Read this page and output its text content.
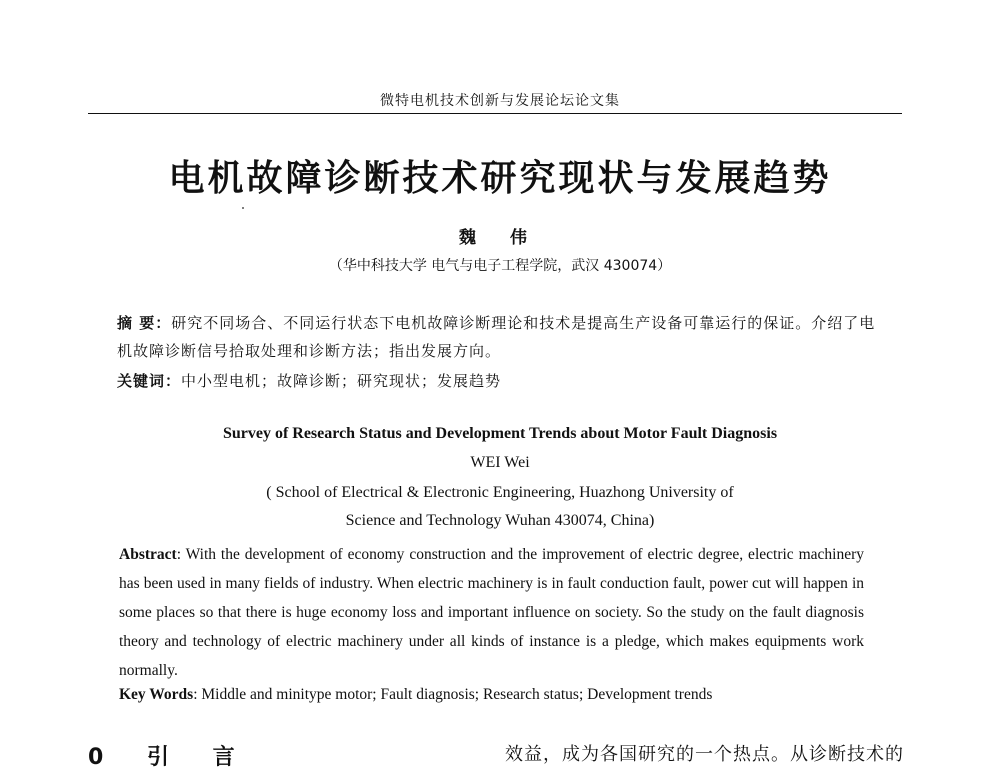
微特电机技术创新与发展论坛论文集
电机故障诊断技术研究现状与发展趋势
魏 伟
（华中科技大学 电气与电子工程学院，武汉 430074）
摘 要：研究不同场合、不同运行状态下电机故障诊断理论和技术是提高生产设备可靠运行的保证。介绍了电机故障诊断信号拾取处理和诊断方法；指出发展方向。
关键词：中小型电机；故障诊断；研究现状；发展趋势
Survey of Research Status and Development Trends about Motor Fault Diagnosis
WEI Wei
( School of Electrical & Electronic Engineering, Huazhong University of
Science and Technology Wuhan 430074, China)
Abstract: With the development of economy construction and the improvement of electric degree, electric machinery has been used in many fields of industry. When electric machinery is in fault conduction fault, power cut will happen in some places so that there is huge economy loss and important influence on society. So the study on the fault diagnosis theory and technology of electric machinery under all kinds of instance is a pledge, which makes equipments work normally.
Key Words: Middle and minitype motor; Fault diagnosis; Research status; Development trends
0 引 言	效益，成为各国研究的一个热点。从诊断技术的
